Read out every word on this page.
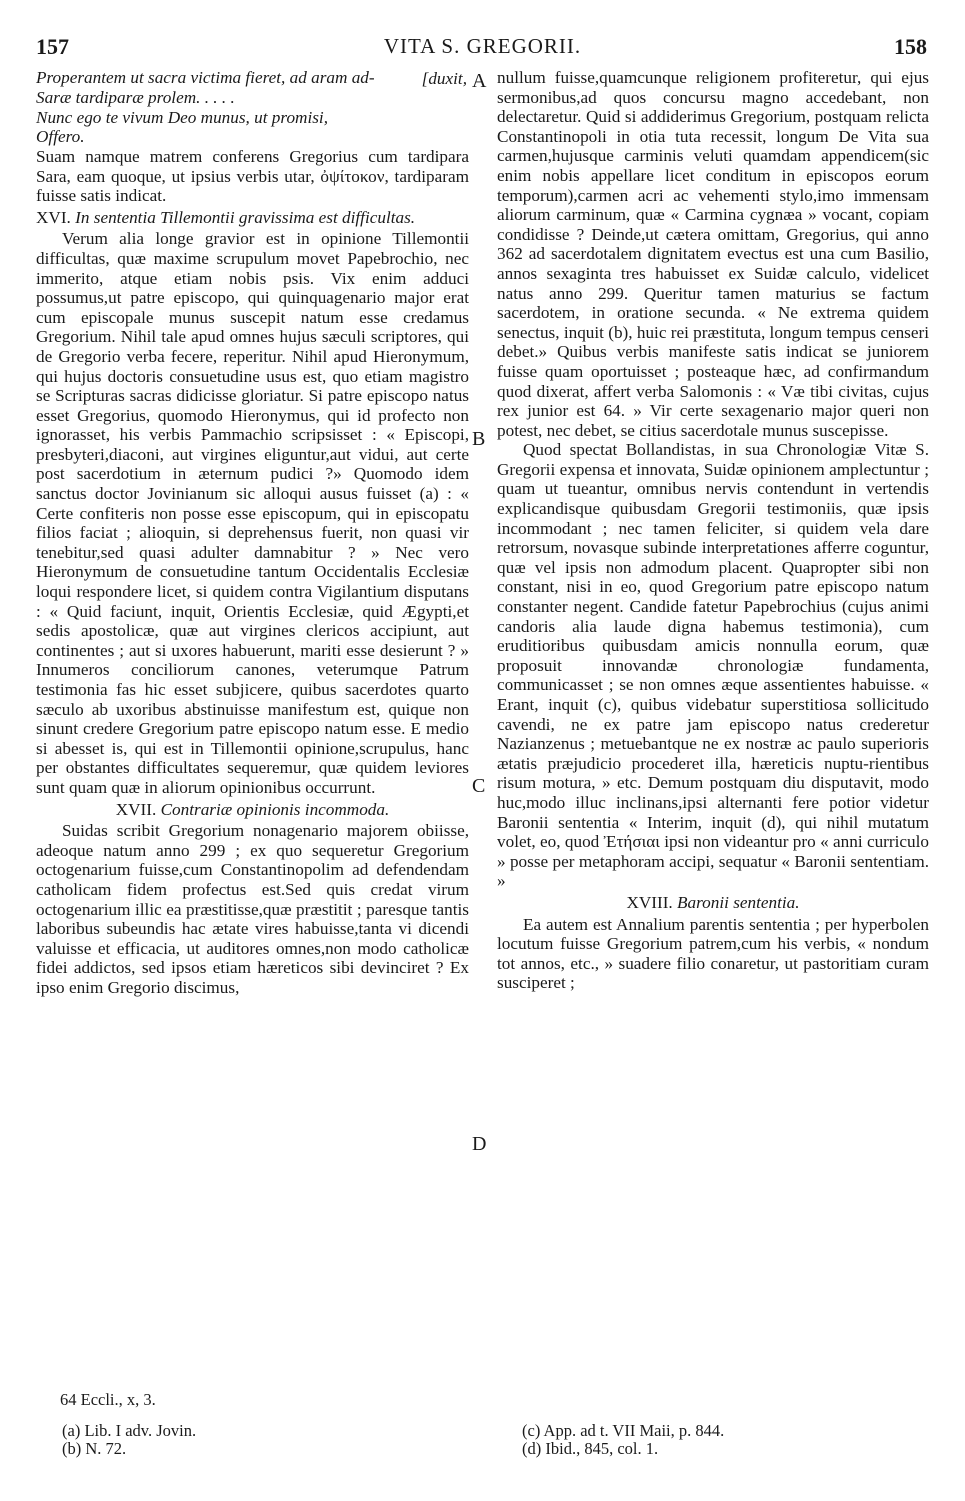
157	VITA S. GREGORII.	158
A
B
C
D
Properantem ut sacra victima fieret, ad aram ad-	[duxit,
Saræ tardiparæ prolem. . . . .
Nunc ego te vivum Deo munus, ut promisi,
Offero.

Suam namque matrem conferens Gregorius cum tardipara Sara, eam quoque, ut ipsius verbis utar, ὀψίτοκον, tardiparam fuisse satis indicat.

XVI. In sententia Tillemontii gravissima est difficultas.

Verum alia longe gravior est in opinione Tillemontii difficultas, quæ maxime scrupulum movet Papebrochio, nec immerito, atque etiam nobis psis. Vix enim adduci possumus,ut patre episcopo, qui quinquagenario major erat cum episcopale munus suscepit natum esse credamus Gregorium. Nihil tale apud omnes hujus sæculi scriptores, qui de Gregorio verba fecere, reperitur. Nihil apud Hieronymum, qui hujus doctoris consuetudine usus est, quo etiam magistro se Scripturas sacras didicisse gloriatur. Si patre episcopo natus esset Gregorius, quomodo Hieronymus, qui id profecto non ignorasset, his verbis Pammachio scripsisset : « Episcopi, presbyteri,diaconi, aut virgines eliguntur,aut vidui, aut certe post sacerdotium in æternum pudici ?» Quomodo idem sanctus doctor Jovinianum sic alloqui ausus fuisset (a) : « Certe confiteris non posse esse episcopum, qui in episcopatu filios faciat ; alioquin, si deprehensus fuerit, non quasi vir tenebitur,sed quasi adulter damnabitur ? » Nec vero Hieronymum de consuetudine tantum Occidentalis Ecclesiæ loqui respondere licet, si quidem contra Vigilantium disputans : « Quid faciunt, inquit, Orientis Ecclesiæ, quid Ægypti,et sedis apostolicæ, quæ aut virgines clericos accipiunt, aut continentes ; aut si uxores habuerunt, mariti esse desierunt ? » Innumeros conciliorum canones, veterumque Patrum testimonia fas hic esset subjicere, quibus sacerdotes quarto sæculo ab uxoribus abstinuisse manifestum est, quique non sinunt credere Gregorium patre episcopo natum esse. E medio si abesset is, qui est in Tillemontii opinione,scrupulus, hanc per obstantes difficultates sequeremur, quæ quidem leviores sunt quam quæ in aliorum opinionibus occurrunt.

XVII. Contrariæ opinionis incommoda.

Suidas scribit Gregorium nonagenario majorem obiisse, adeoque natum anno 299 ; ex quo sequeretur Gregorium octogenarium fuisse,cum Constantinopolim ad defendendam catholicam fidem profectus est.Sed quis credat virum octogenarium illic ea præstitisse,quæ præstitit ; paresque tantis laboribus subeundis hac ætate vires habuisse,tanta vi dicendi valuisse et efficacia, ut auditores omnes,non modo catholicæ fidei addictos, sed ipsos etiam hæreticos sibi devinciret ? Ex ipso enim Gregorio discimus,

nullum fuisse,quamcunque religionem profiteretur, qui ejus sermonibus,ad quos concursu magno accedebant, non delectaretur. Quid si addiderimus Gregorium, postquam relicta Constantinopoli in otia tuta recessit, longum De Vita sua carmen,hujusque carminis veluti quamdam appendicem(sic enim nobis appellare licet conditum in episcopos eorum temporum),carmen acri ac vehementi stylo,imo immensam aliorum carminum, quæ « Carmina cygnæa » vocant, copiam condidisse ? Deinde,ut cætera omittam, Gregorius, qui anno 362 ad sacerdotalem dignitatem evectus est una cum Basilio, annos sexaginta tres habuisset ex Suidæ calculo, videlicet natus anno 299. Queritur tamen maturius se factum sacerdotem, in oratione secunda. « Ne extrema quidem senectus, inquit (b), huic rei præstituta, longum tempus censeri debet.» Quibus verbis manifeste satis indicat se juniorem fuisse quam oportuisset ; posteaque hæc, ad confirmandum quod dixerat, affert verba Salomonis : « Væ tibi civitas, cujus rex junior est 64. » Vir certe sexagenario major queri non potest, nec debet, se citius sacerdotale munus suscepisse.

Quod spectat Bollandistas, in sua Chronologiæ Vitæ S. Gregorii expensa et innovata, Suidæ opinionem amplectuntur ; quam ut tueantur, omnibus nervis contendunt in vertendis explicandisque quibusdam Gregorii testimoniis, quæ ipsis incommodant ; nec tamen feliciter, si quidem vela dare retrorsum, novasque subinde interpretationes afferre coguntur, quæ vel ipsis non admodum placent. Quapropter sibi non constant, nisi in eo, quod Gregorium patre episcopo natum constanter negent. Candide fatetur Papebrochius (cujus animi candoris alia laude digna habemus testimonia), cum eruditioribus quibusdam amicis nonnulla eorum, quæ proposuit innovandæ chronologiæ fundamenta, communicasset ; se non omnes æque assentientes habuisse. « Erant, inquit (c), quibus videbatur superstitiosa sollicitudo cavendi, ne ex patre jam episcopo natus crederetur Nazianzenus ; metuebantque ne ex nostræ ac paulo superioris ætatis præjudicio procederet illa, hæreticis nuptu-rientibus risum motura, » etc. Demum postquam diu disputavit, modo huc,modo illuc inclinans,ipsi alternanti fere potior videtur Baronii sententia « Interim, inquit (d), qui nihil mutatum volet, eo, quod Ἐτήσιαι ipsi non videantur pro « anni curriculo » posse per metaphoram accipi, sequatur « Baronii sententiam. »

XVIII. Baronii sententia.

Ea autem est Annalium parentis sententia ; per hyperbolen locutum fuisse Gregorium patrem,cum his verbis, « nondum tot annos, etc., » suadere filio conaretur, ut pastoritiam curam susciperet ;

64 Eccli., x, 3.
(a) Lib. I adv. Jovin.
(b) N. 72.
(c) App. ad t. VII Maii, p. 844.
(d) Ibid., 845, col. 1.
